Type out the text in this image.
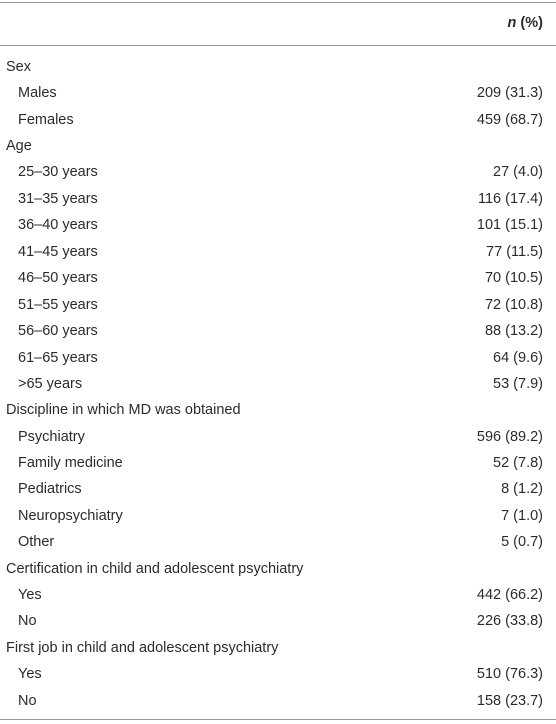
n (%)
Sex
Males	209 (31.3)
Females	459 (68.7)
Age
25–30 years	27 (4.0)
31–35 years	116 (17.4)
36–40 years	101 (15.1)
41–45 years	77 (11.5)
46–50 years	70 (10.5)
51–55 years	72 (10.8)
56–60 years	88 (13.2)
61–65 years	64 (9.6)
>65 years	53 (7.9)
Discipline in which MD was obtained
Psychiatry	596 (89.2)
Family medicine	52 (7.8)
Pediatrics	8 (1.2)
Neuropsychiatry	7 (1.0)
Other	5 (0.7)
Certification in child and adolescent psychiatry
Yes	442 (66.2)
No	226 (33.8)
First job in child and adolescent psychiatry
Yes	510 (76.3)
No	158 (23.7)
